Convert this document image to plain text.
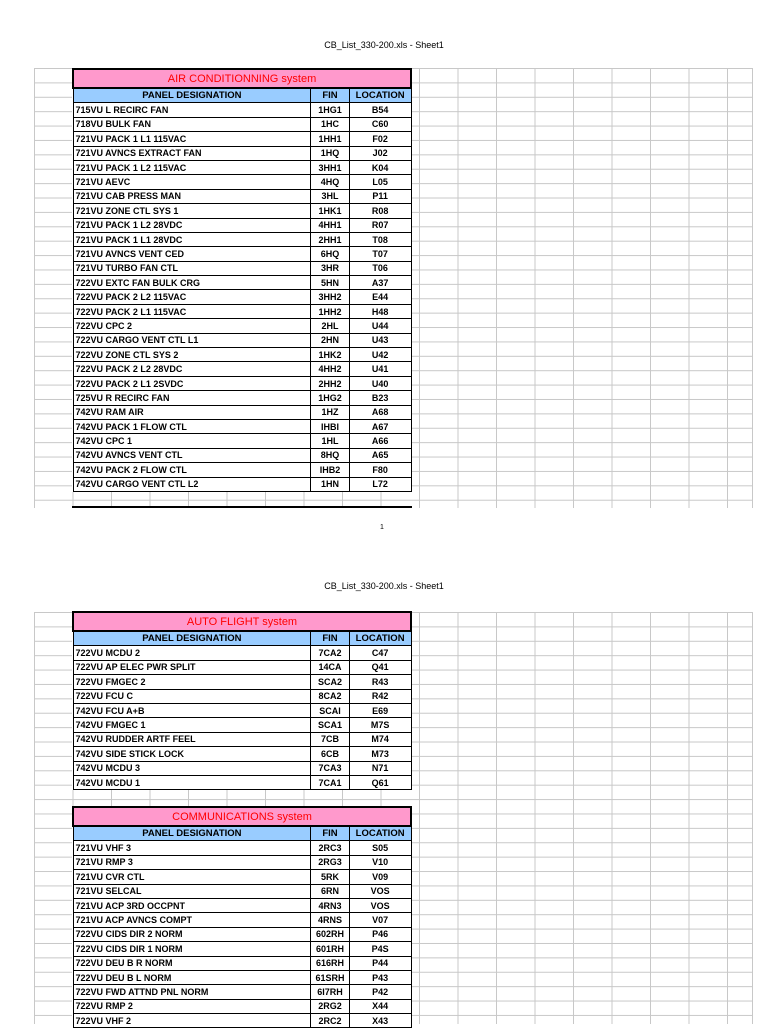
CB_List_330-200.xls - Sheet1
AIR CONDITIONNING system		
PANEL DESIGNATION	FIN	LOCATION
715VU L RECIRC FAN	1HG1	B54
718VU BULK FAN	1HC	C60
721VU PACK 1 L1 115VAC	1HH1	F02
721VU AVNCS EXTRACT FAN	1HQ	J02
721VU PACK 1 L2 115VAC	3HH1	K04
721VU AEVC	4HQ	L05
721VU CAB PRESS MAN	3HL	P11
721VU ZONE CTL SYS 1	1HK1	R08
721VU PACK 1 L2 28VDC	4HH1	R07
721VU PACK 1 L1 28VDC	2HH1	T08
721VU AVNCS VENT CED	6HQ	T07
721VU TURBO FAN CTL	3HR	T06
722VU EXTC FAN BULK CRG	5HN	A37
722VU PACK 2 L2 115VAC	3HH2	E44
722VU PACK 2 L1 115VAC	1HH2	H48
722VU CPC 2	2HL	U44
722VU CARGO VENT CTL L1	2HN	U43
722VU ZONE CTL SYS 2	1HK2	U42
722VU PACK 2 L2 28VDC	4HH2	U41
722VU PACK 2 L1 2SVDC	2HH2	U40
725VU R RECIRC FAN	1HG2	B23
742VU RAM AIR	1HZ	A68
742VU PACK 1 FLOW CTL	IHBI	A67
742VU CPC 1	1HL	A66
742VU AVNCS VENT CTL	8HQ	A65
742VU PACK 2 FLOW CTL	IHB2	F80
742VU CARGO VENT CTL L2	1HN	L72
1
CB_List_330-200.xls - Sheet1
AUTO FLIGHT system		
PANEL DESIGNATION	FIN	LOCATION
722VU MCDU 2	7CA2	C47
722VU AP ELEC PWR SPLIT	14CA	Q41
722VU FMGEC 2	SCA2	R43
722VU FCU C	8CA2	R42
742VU FCU A+B	SCAI	E69
742VU FMGEC 1	SCA1	M7S
742VU RUDDER ARTF FEEL	7CB	M74
742VU SIDE STICK LOCK	6CB	M73
742VU MCDU 3	7CA3	N71
742VU MCDU 1	7CA1	Q61
COMMUNICATIONS system		
PANEL DESIGNATION	FIN	LOCATION
721VU VHF 3	2RC3	S05
721VU RMP 3	2RG3	V10
721VU CVR CTL	5RK	V09
721VU SELCAL	6RN	VOS
721VU ACP 3RD OCCPNT	4RN3	VOS
721VU ACP AVNCS COMPT	4RNS	V07
722VU CIDS DIR 2 NORM	602RH	P46
722VU CIDS DIR 1 NORM	601RH	P4S
722VU DEU B R NORM	616RH	P44
722VU DEU B L NORM	61SRH	P43
722VU FWD ATTND PNL NORM	6I7RH	P42
722VU RMP 2	2RG2	X44
722VU VHF 2	2RC2	X43
